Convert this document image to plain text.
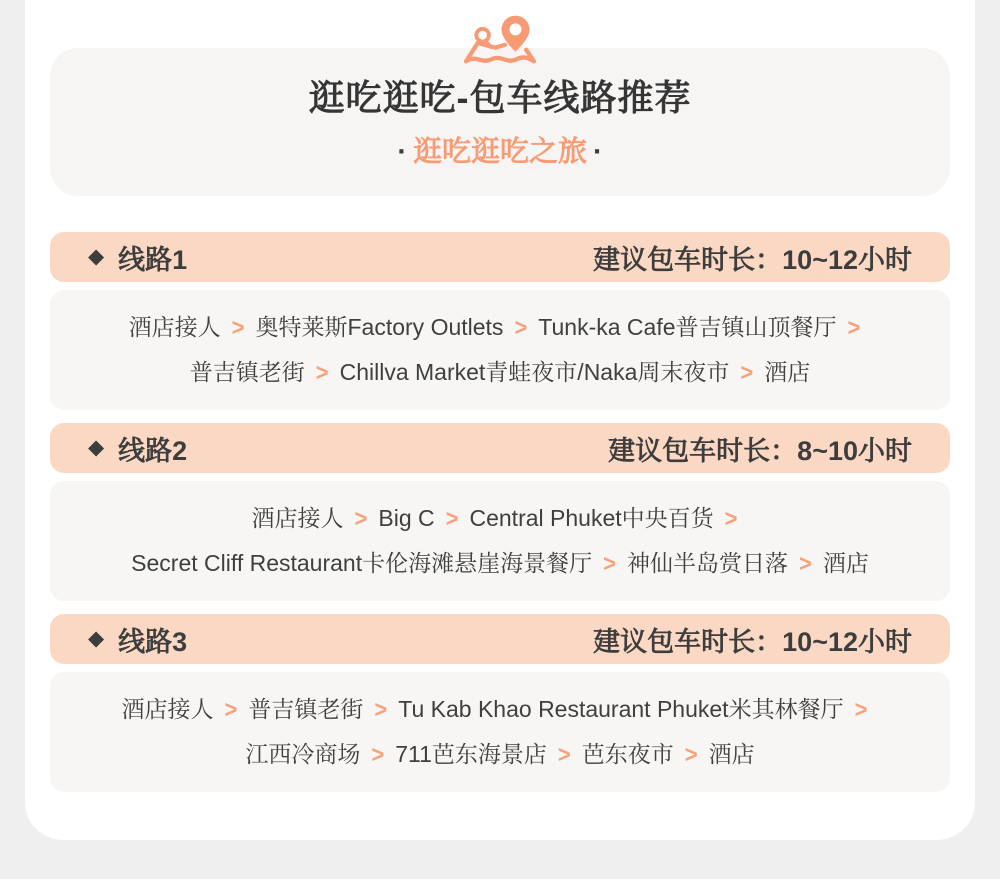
逛吃逛吃-包车线路推荐
· 逛吃逛吃之旅 ·
◆ 线路1	建议包车时长：10~12小时
酒店接人 > 奥特莱斯Factory Outlets > Tunk-ka Cafe普吉镇山顶餐厅 >
普吉镇老街 > Chillva Market青蛙夜市/Naka周末夜市 > 酒店
◆ 线路2	建议包车时长：8~10小时
酒店接人 > Big C > Central Phuket中央百货 >
Secret Cliff Restaurant卡伦海滩悬崖海景餐厅 > 神仙半岛赏日落 > 酒店
◆ 线路3	建议包车时长：10~12小时
酒店接人 > 普吉镇老街 > Tu Kab Khao Restaurant Phuket米其林餐厅 >
江西冷商场 > 711芭东海景店 > 芭东夜市 > 酒店
